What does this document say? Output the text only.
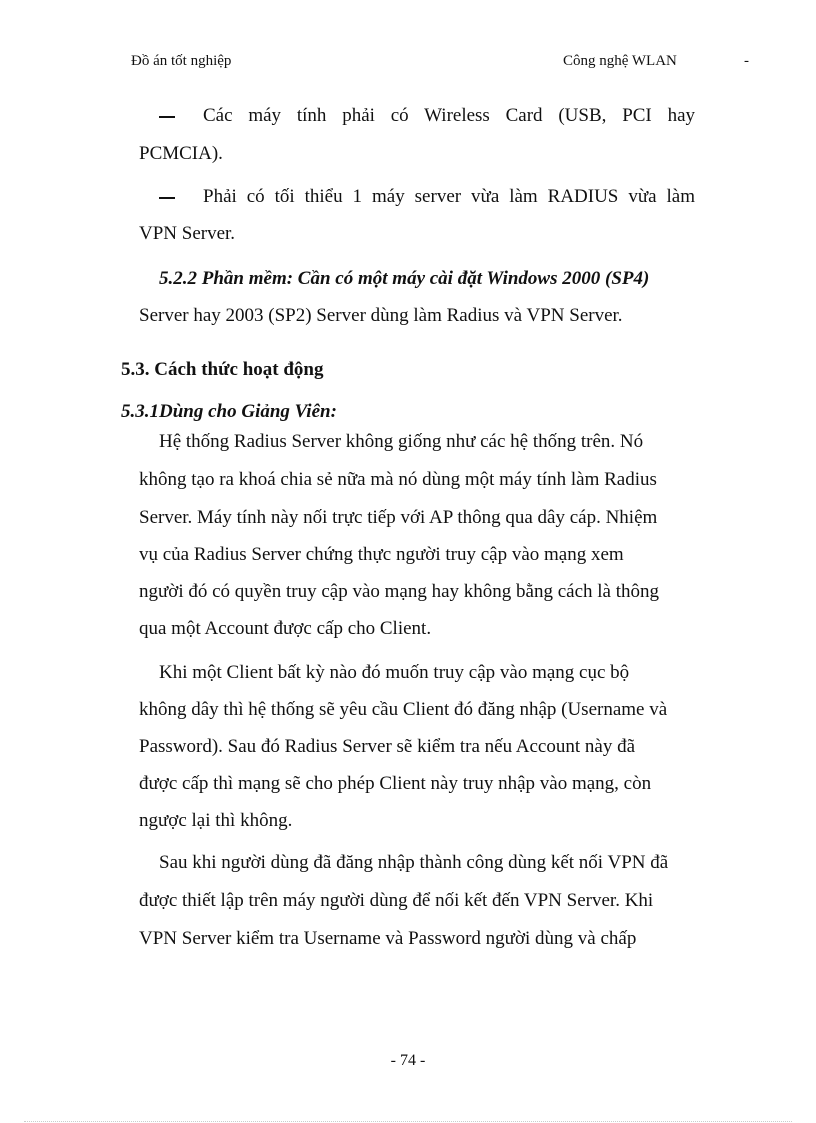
Đồ án tốt nghiệp	Công nghệ WLAN	-
Các máy tính phải có Wireless Card (USB, PCI hay
PCMCIA).
Phải có tối thiểu 1 máy server vừa làm RADIUS vừa làm
VPN Server.
5.2.2 Phần mềm: Cần có một máy cài đặt Windows 2000 (SP4)
Server hay 2003 (SP2) Server dùng làm Radius và VPN Server.
5.3. Cách thức hoạt động
5.3.1Dùng cho Giảng Viên:
Hệ thống Radius Server không giống như các hệ thống trên. Nó
không tạo ra khoá chia sẻ nữa mà nó dùng một máy tính làm Radius
Server. Máy tính này nối trực tiếp với AP thông qua dây cáp. Nhiệm
vụ của Radius Server chứng thực người truy cập vào mạng xem
người đó có quyền truy cập vào mạng hay không bằng cách là thông
qua một Account được cấp cho Client.
Khi một Client bất kỳ nào đó muốn truy cập vào mạng cục bộ
không dây thì hệ thống sẽ yêu cầu Client đó đăng nhập (Username và
Password). Sau đó Radius Server sẽ kiểm tra nếu Account này đã
được cấp thì mạng sẽ cho phép Client này truy nhập vào mạng, còn
ngược lại thì không.
Sau khi người dùng đã đăng nhập thành công dùng kết nối VPN đã
được thiết lập trên máy người dùng để nối kết đến VPN Server. Khi
VPN Server kiểm tra Username và Password người dùng và chấp
- 74 -
